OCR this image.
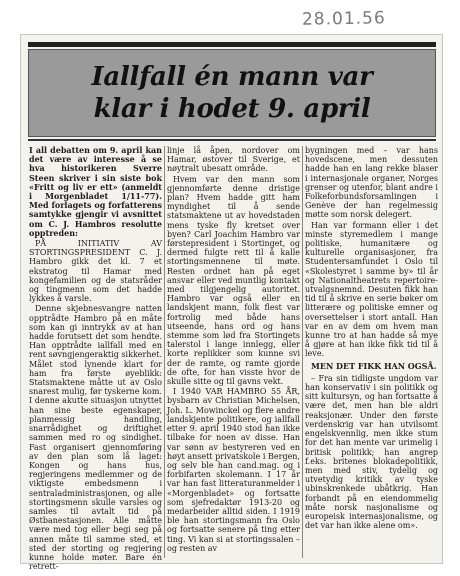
28.01.56
Iallfall én mann var
klar i hodet 9. april

I all debatten om 9. april kan det være av interesse å se hva historikeren Sverre Steen skriver i sin siste bok «Fritt og liv er ett» (anmeldt i Morgenbladet 1/11-77). Med forlagets og forfatterens samtykke gjengir vi avsnittet om C. J. Hambros resolutte opptreden:

PÅ INITIATIV AV STORTINGSPRESIDENT C. J. Hambro gikk det kl. 7 et ekstratog til Hamar med kongefamilien og de statsråder og tingmenn som det hadde lykkes å varsle.

Denne skjebnesvangre natten opptrådte Hambro på en måte som kan gi inntrykk av at han hadde forutsett det som hendte. Han opptrådte iallfall med en rent søvngjengeraktig sikkerhet. Målet stod lynende klart for ham fra første øyeblikk: Statsmaktene måtte ut av Oslo snarest mulig, før tyskerne kom. I denne akutte situasjon utnyttet han sine beste egenskaper, planmessig handling, snarrådighet og driftighet sammen med ro og sindighet. Fast organisert gjennomføring av den plan som lå laget: Kongen og hans hus, regjeringens medlemmer og de viktigste embedsmenn i sentraladministrasjonen, og alle stortingsmenn skulle varsles og samles til avtalt tid på Østbanestasjonen. Alle måtte være med tog eller begi seg på annen måte til samme sted, et sted der storting og regjering kunne holde møter. Bare én retrett-

linje lå åpen, nordover om Hamar, østover til Sverige, et nøytralt ubesatt område.

Hvem var den mann som gjennomførte denne dristige plan? Hvem hadde gitt ham myndighet til å sende statsmaktene ut av hovedstaden mens tyske fly kretset over byen? Carl Joachim Hambro var førstepresident i Stortinget, og dermed fulgte rett til å kalle stortingsmennene til møte. Resten ordnet han på eget ansvar eller ved muntlig kontakt med tilgjengelig autoritet. Hambro var også eller en landskjent mann, folk flest var fortrolig med både hans utseende, hans ord og hans stemme som lød fra Stortingets talerstol i lange innlegg, eller korte replikker som kunne svi der de ramte, og ramte gjorde de ofte, for han visste hvor de skulle sitte og til gavns vekt.

I 1940 VAR HAMBRO 55 ÅR, bysbarn av Christian Michelsen, Joh. L. Mowinckel og flere andre landskjente politikere, og iallfall etter 9. april 1940 stod han ikke tilbake for noen av disse. Han var sønn av bestyreren ved en høyt ansett privatskole i Bergen, og selv ble han cand.mag. og i forbifarten skolemann. I 17 år var han fast litteraturanmelder i «Morgenbladet» og fortsatte som sjefredaktør 1913-20 og medarbeider alltid siden. I 1919 ble han stortingsmann fra Oslo og fortsatte senere på ting etter ting. Vi kan si at stortingssalen – og resten av

bygningen med – var hans hovedscene, men dessuten hadde han en lang rekke blaser i internasjonale organer, Norges grenser og utenfor, blant andre i Folkeforbundsforsamlingen i Genève der han regelmessig møtte som norsk delegert.

Han var formann eller i det minste styremedlem i mange politiske, humanitære og kulturelle organisasjoner, fra Studentersamfundet i Oslo til «Skolestyret i samme by» til år og Nationaltheatrets repertoire-utvalgsnemnd. Desuten fikk han tid til å skrive en serie bøker om litterære og politiske emner og oversettelser i stort antall. Han var en av dem om hvem man kunne tro at han hadde så mye å gjøre at han ikke fikk tid til å leve.

MEN DET FIKK HAN OGSÅ.

– Fra sin tidligste ungdom var han konservativ i sin politikk og sitt kultursyn, og han fortsatte å være det, men han ble aldri reaksjonær. Under den første verdenskrig var han utvilsomt engelskvennlig, men ikke stum for det han mente var urimelig i britisk politikk; han angrep f.eks. britenes blokadepolitikk, men med stiv, tydelig og utvetydig kritikk av tyske ubinskrenkede ubåtkrig. Han forbandt på en eiendommelig måte norsk nasjonalisme og europeisk internasjonalisme, og det var han ikke alene om».
